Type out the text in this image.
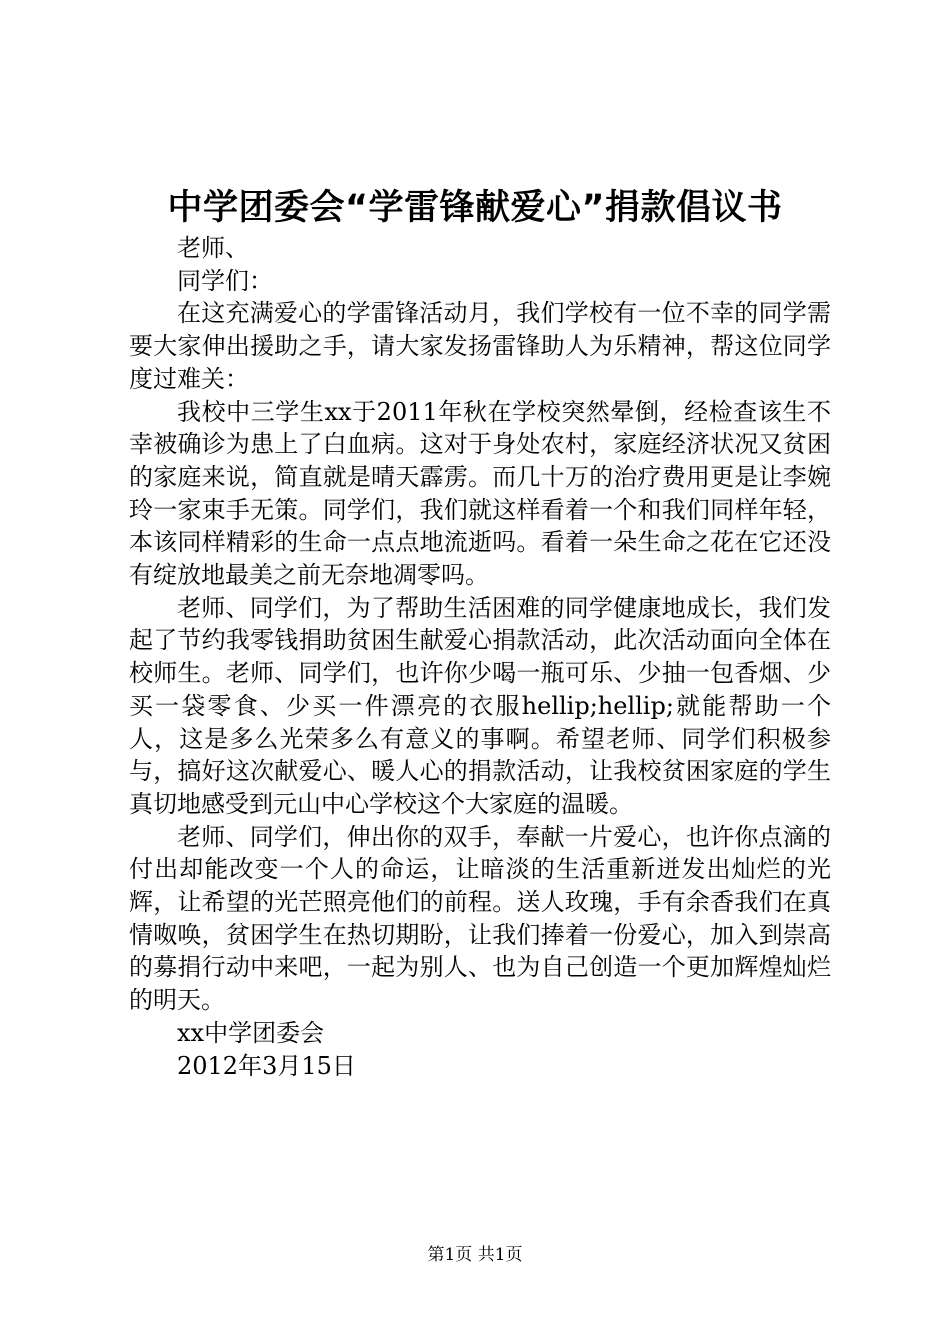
中学团委会“学雷锋献爱心”捐款倡议书

老师、

同学们：

在这充满爱心的学雷锋活动月，我们学校有一位不幸的同学需要大家伸出援助之手，请大家发扬雷锋助人为乐精神，帮这位同学度过难关：

我校中三学生xx于2011年秋在学校突然晕倒，经检查该生不幸被确诊为患上了白血病。这对于身处农村，家庭经济状况又贫困的家庭来说，简直就是晴天霹雳。而几十万的治疗费用更是让李婉玲一家束手无策。同学们，我们就这样看着一个和我们同样年轻，本该同样精彩的生命一点点地流逝吗。看着一朵生命之花在它还没有绽放地最美之前无奈地凋零吗。

老师、同学们，为了帮助生活困难的同学健康地成长，我们发起了节约我零钱捐助贫困生献爱心捐款活动，此次活动面向全体在校师生。老师、同学们，也许你少喝一瓶可乐、少抽一包香烟、少买一袋零食、少买一件漂亮的衣服hellip;hellip;就能帮助一个人，这是多么光荣多么有意义的事啊。希望老师、同学们积极参与，搞好这次献爱心、暖人心的捐款活动，让我校贫困家庭的学生真切地感受到元山中心学校这个大家庭的温暖。

老师、同学们，伸出你的双手，奉献一片爱心，也许你点滴的付出却能改变一个人的命运，让暗淡的生活重新迸发出灿烂的光辉，让希望的光芒照亮他们的前程。送人玫瑰，手有余香我们在真情呶唤，贫困学生在热切期盼，让我们捧着一份爱心，加入到崇高的募捐行动中来吧，一起为别人、也为自己创造一个更加辉煌灿烂的明天。

xx中学团委会

2012年3月15日

第1页 共1页
